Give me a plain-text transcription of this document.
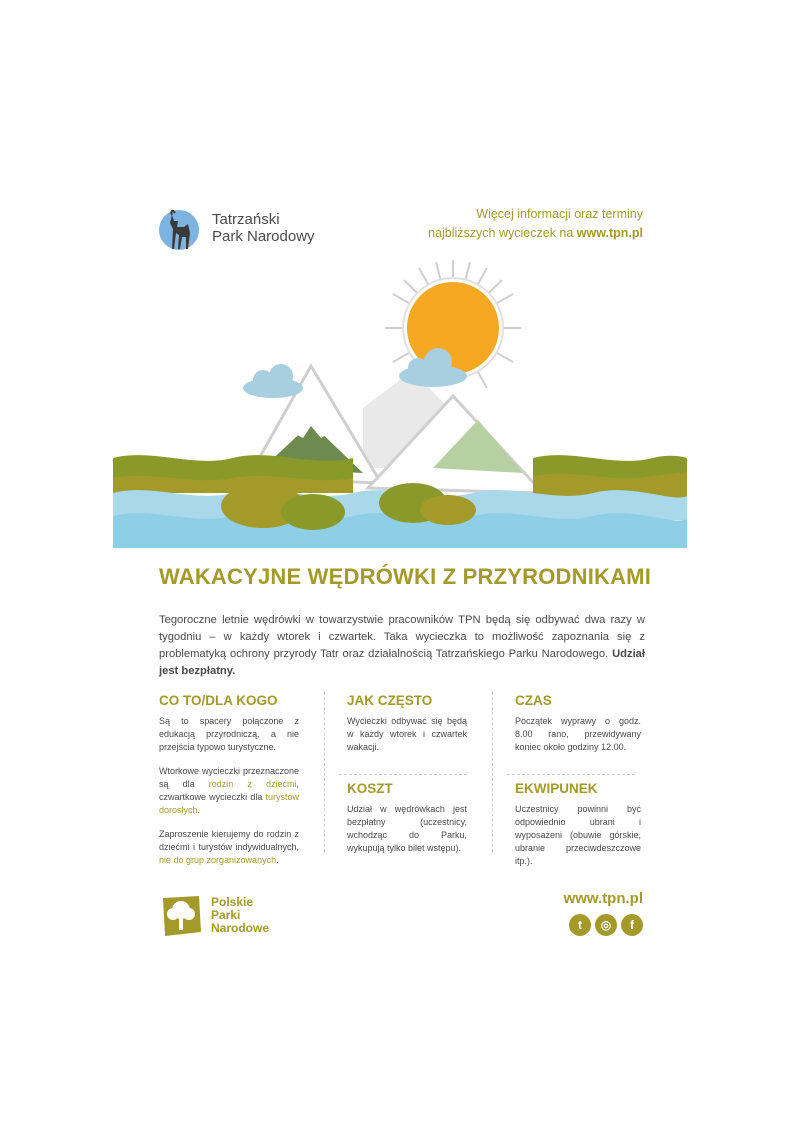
Tatrzański
Park Narodowy
Więcej informacji oraz terminy
najbliższych wycieczek na www.tpn.pl
WAKACYJNE WĘDRÓWKI Z PRZYRODNIKAMI
Tegoroczne letnie wędrówki w towarzystwie pracowników TPN będą się odbywać dwa razy w tygodniu – w każdy wtorek i czwartek. Taka wycieczka to możliwość zapoznania się z problematyką ochrony przyrody Tatr oraz działalnością Tatrzańskiego Parku Narodowego. Udział jest bezpłatny.
CO TO/DLA KOGO

Są to spacery połączone z edukacją przyrodniczą, a nie przejścia typowo turystyczne.

Wtorkowe wycieczki przeznaczone są dla rodzin z dziećmi, czwartkowe wycieczki dla turystów dorosłych.

Zaproszenie kierujemy do rodzin z dziećmi i turystów indywidualnych, nie do grup zorganizowanych.

JAK CZĘSTO

Wycieczki odbywać się będą w każdy wtorek i czwartek wakacji.

CZAS

Początek wyprawy o godz. 8.00 rano, przewidywany koniec około godziny 12.00.

KOSZT

Udział w wędrówkach jest bezpłatny (uczestnicy, wchodząc do Parku, wykupują tylko bilet wstępu).

EKWIPUNEK

Uczestnicy powinni być odpowiednio ubrani i wyposażeni (obuwie górskie, ubranie przeciwdeszczowe itp.).

Polskie
Parki
Narodowe
www.tpn.pl
t	◎	f
